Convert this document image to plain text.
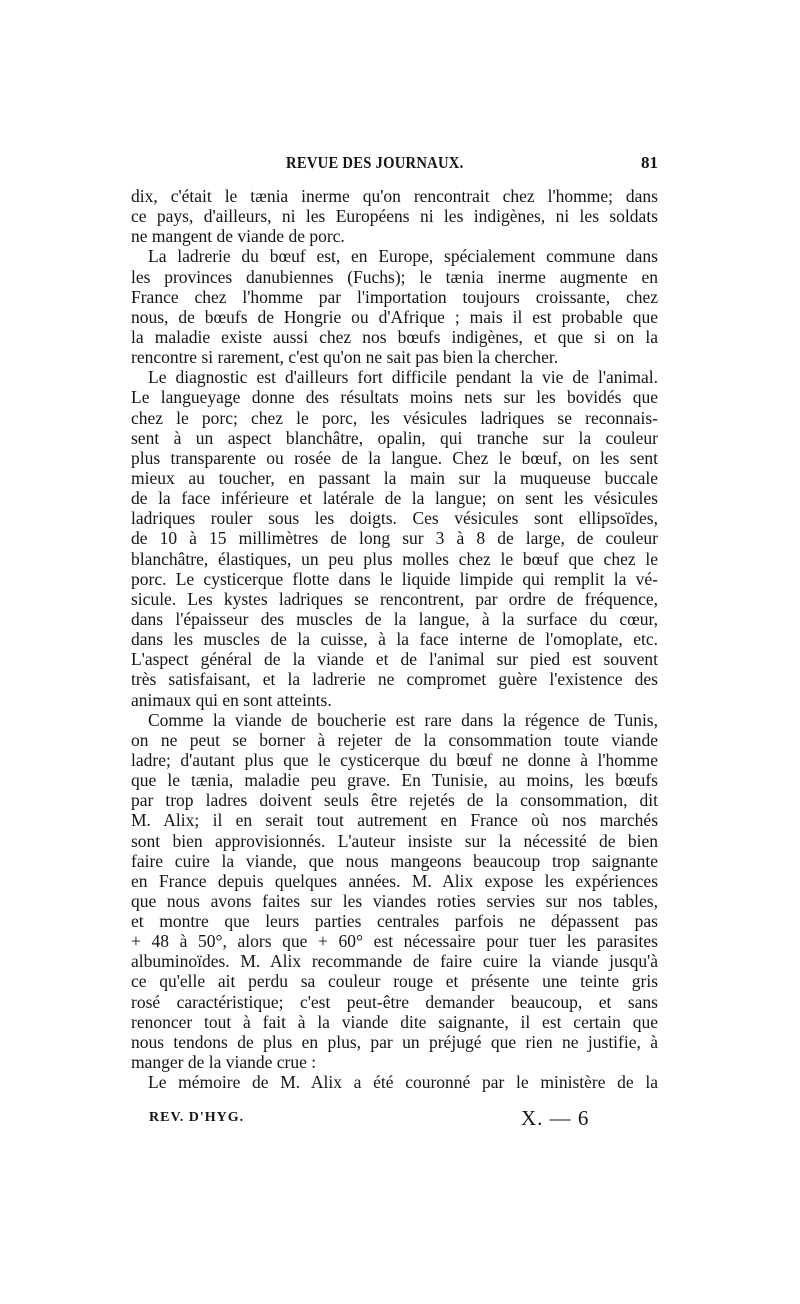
REVUE DES JOURNAUX.	81
dix, c'était le tænia inerme qu'on rencontrait chez l'homme; dans
ce pays, d'ailleurs, ni les Européens ni les indigènes, ni les soldats
ne mangent de viande de porc.
La ladrerie du bœuf est, en Europe, spécialement commune dans
les provinces danubiennes (Fuchs); le tænia inerme augmente en
France chez l'homme par l'importation toujours croissante, chez
nous, de bœufs de Hongrie ou d'Afrique ; mais il est probable que
la maladie existe aussi chez nos bœufs indigènes, et que si on la
rencontre si rarement, c'est qu'on ne sait pas bien la chercher.
Le diagnostic est d'ailleurs fort difficile pendant la vie de l'animal.
Le langueyage donne des résultats moins nets sur les bovidés que
chez le porc; chez le porc, les vésicules ladriques se reconnais-
sent à un aspect blanchâtre, opalin, qui tranche sur la couleur
plus transparente ou rosée de la langue. Chez le bœuf, on les sent
mieux au toucher, en passant la main sur la muqueuse buccale
de la face inférieure et latérale de la langue; on sent les vésicules
ladriques rouler sous les doigts. Ces vésicules sont ellipsoïdes,
de 10 à 15 millimètres de long sur 3 à 8 de large, de couleur
blanchâtre, élastiques, un peu plus molles chez le bœuf que chez le
porc. Le cysticerque flotte dans le liquide limpide qui remplit la vé-
sicule. Les kystes ladriques se rencontrent, par ordre de fréquence,
dans l'épaisseur des muscles de la langue, à la surface du cœur,
dans les muscles de la cuisse, à la face interne de l'omoplate, etc.
L'aspect général de la viande et de l'animal sur pied est souvent
très satisfaisant, et la ladrerie ne compromet guère l'existence des
animaux qui en sont atteints.
Comme la viande de boucherie est rare dans la régence de Tunis,
on ne peut se borner à rejeter de la consommation toute viande
ladre; d'autant plus que le cysticerque du bœuf ne donne à l'homme
que le tænia, maladie peu grave. En Tunisie, au moins, les bœufs
par trop ladres doivent seuls être rejetés de la consommation, dit
M. Alix; il en serait tout autrement en France où nos marchés
sont bien approvisionnés. L'auteur insiste sur la nécessité de bien
faire cuire la viande, que nous mangeons beaucoup trop saignante
en France depuis quelques années. M. Alix expose les expériences
que nous avons faites sur les viandes roties servies sur nos tables,
et montre que leurs parties centrales parfois ne dépassent pas
+ 48 à 50°, alors que + 60° est nécessaire pour tuer les parasites
albuminoïdes. M. Alix recommande de faire cuire la viande jusqu'à
ce qu'elle ait perdu sa couleur rouge et présente une teinte gris
rosé caractéristique; c'est peut-être demander beaucoup, et sans
renoncer tout à fait à la viande dite saignante, il est certain que
nous tendons de plus en plus, par un préjugé que rien ne justifie, à
manger de la viande crue :
Le mémoire de M. Alix a été couronné par le ministère de la
REV. D'HYG.	X. — 6
